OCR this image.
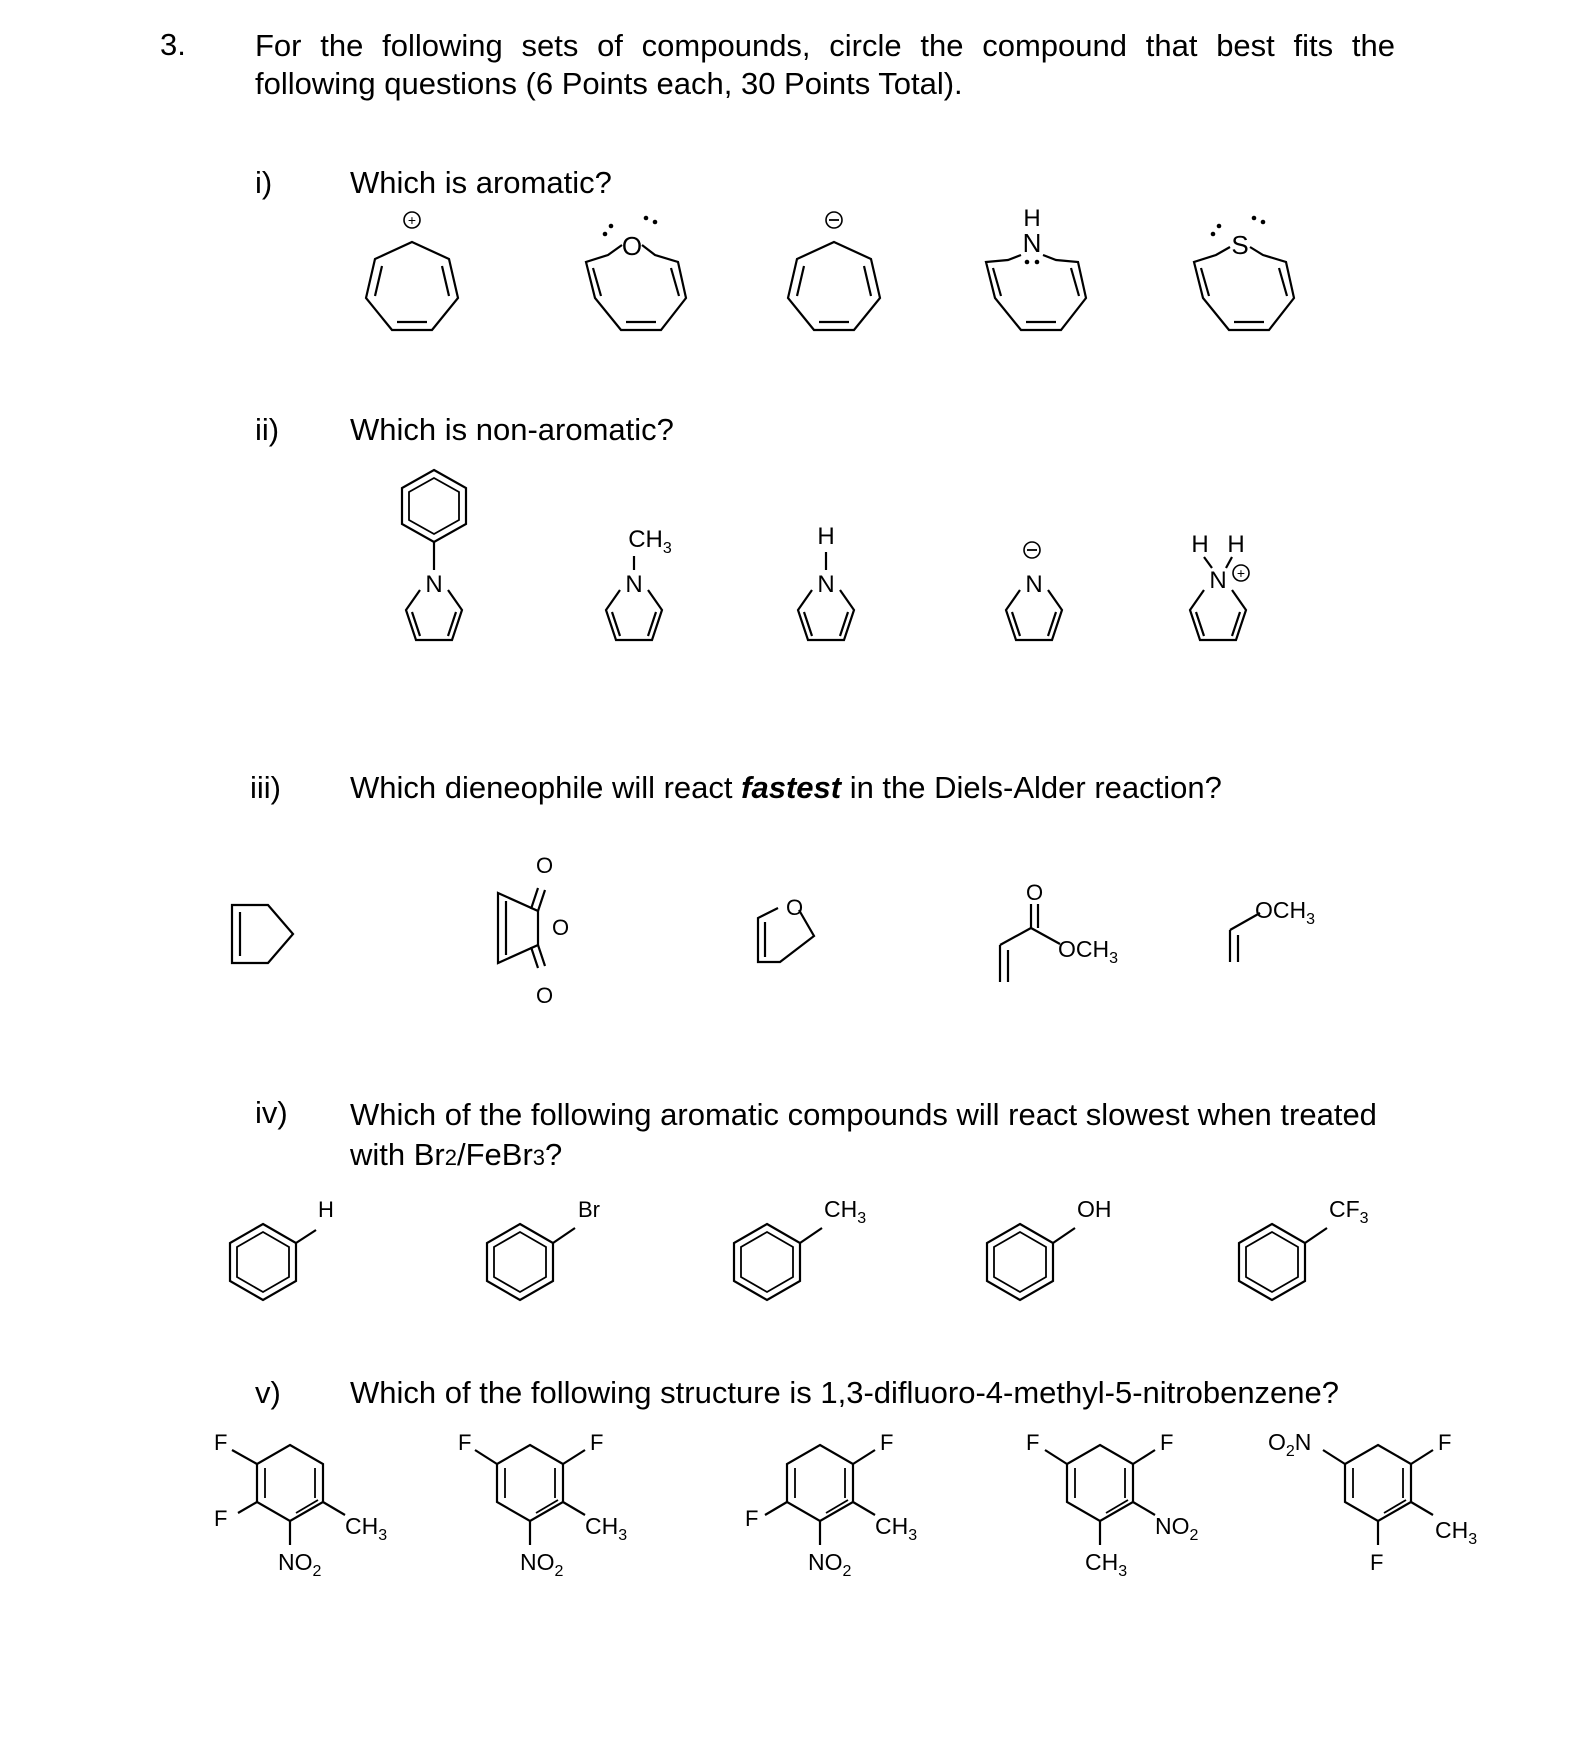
3. For the following sets of compounds, circle the compound that best fits the
following questions (6 Points each, 30 Points Total).
i)	Which is aromatic?
ii) Which is non-aromatic?
iii) Which dieneophile will react fastest in the Diels-Alder reaction?
iv) Which of the following aromatic compounds will react slowest when treated
with Br2/FeBr3?
v) Which of the following structure is 1,3-difluoro-4-methyl-5-nitrobenzene?
+
O
H
N	S
N
$CH_3$
N
H
N	N
H H
N +
O
O
O
O
O
$OCH_3$
$OCH_3$
H	Br	$CH_3$	OH	$CF_3$
F
F
$NO_2$
$CH_3$
F	F
$NO_2$
$CH_3$
F
F
$NO_2$
$CH_3$
F	F
$CH_3$
$NO_2$
$O_2N$	F
F
$CH_3$
